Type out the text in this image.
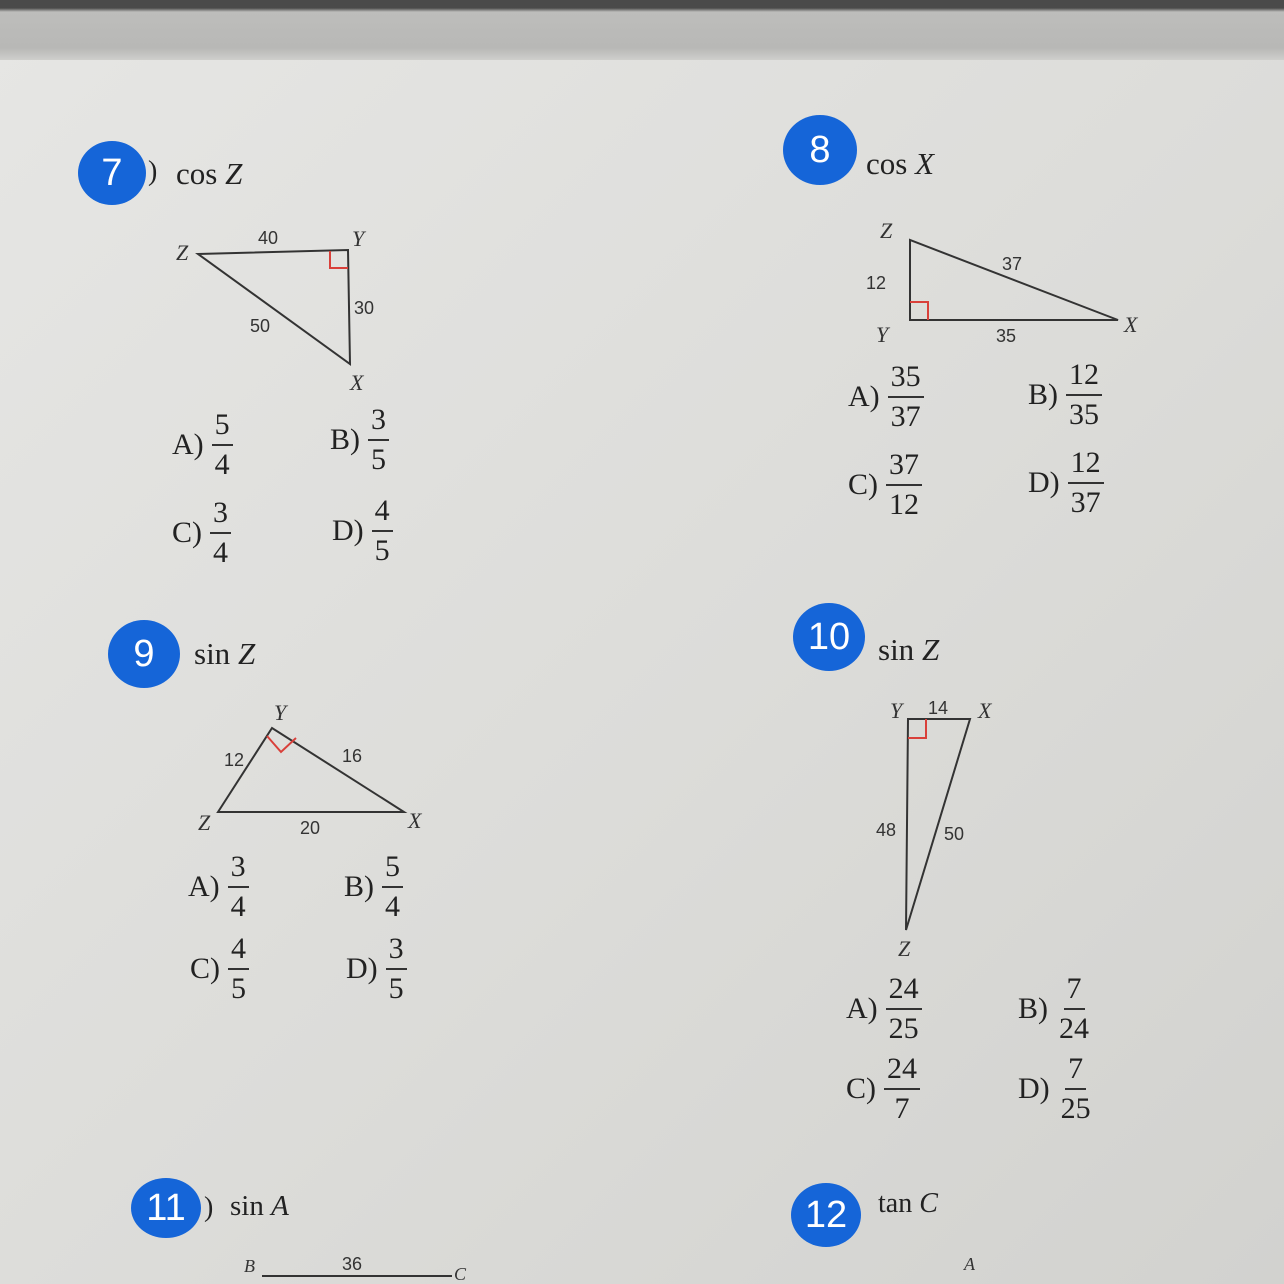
7 ) cos Z
8	cos X
9	sin Z	10 sin Z
11 ) sin A	12	tan C
Z
Y
X
40
30
50
Z
Y	X
12
37
35
Y
Z	X
12	16
20
Y	X
Z
14
48	50
B	C
36	A
$A) \frac{5}{4}$	$B) \frac{3}{5}$
$C) \frac{3}{4}$	$D) \frac{4}{5}$
$A) \frac{35}{37}$	$B) \frac{12}{35}$
$C) \frac{37}{12}$	$D) \frac{12}{37}$
$A) \frac{3}{4}$	$B) \frac{5}{4}$
$C) \frac{4}{5}$	$D) \frac{3}{5}$
$A) \frac{24}{25}$	$B) \frac{7}{24}$
$C) \frac{24}{7}$	$D) \frac{7}{25}$
